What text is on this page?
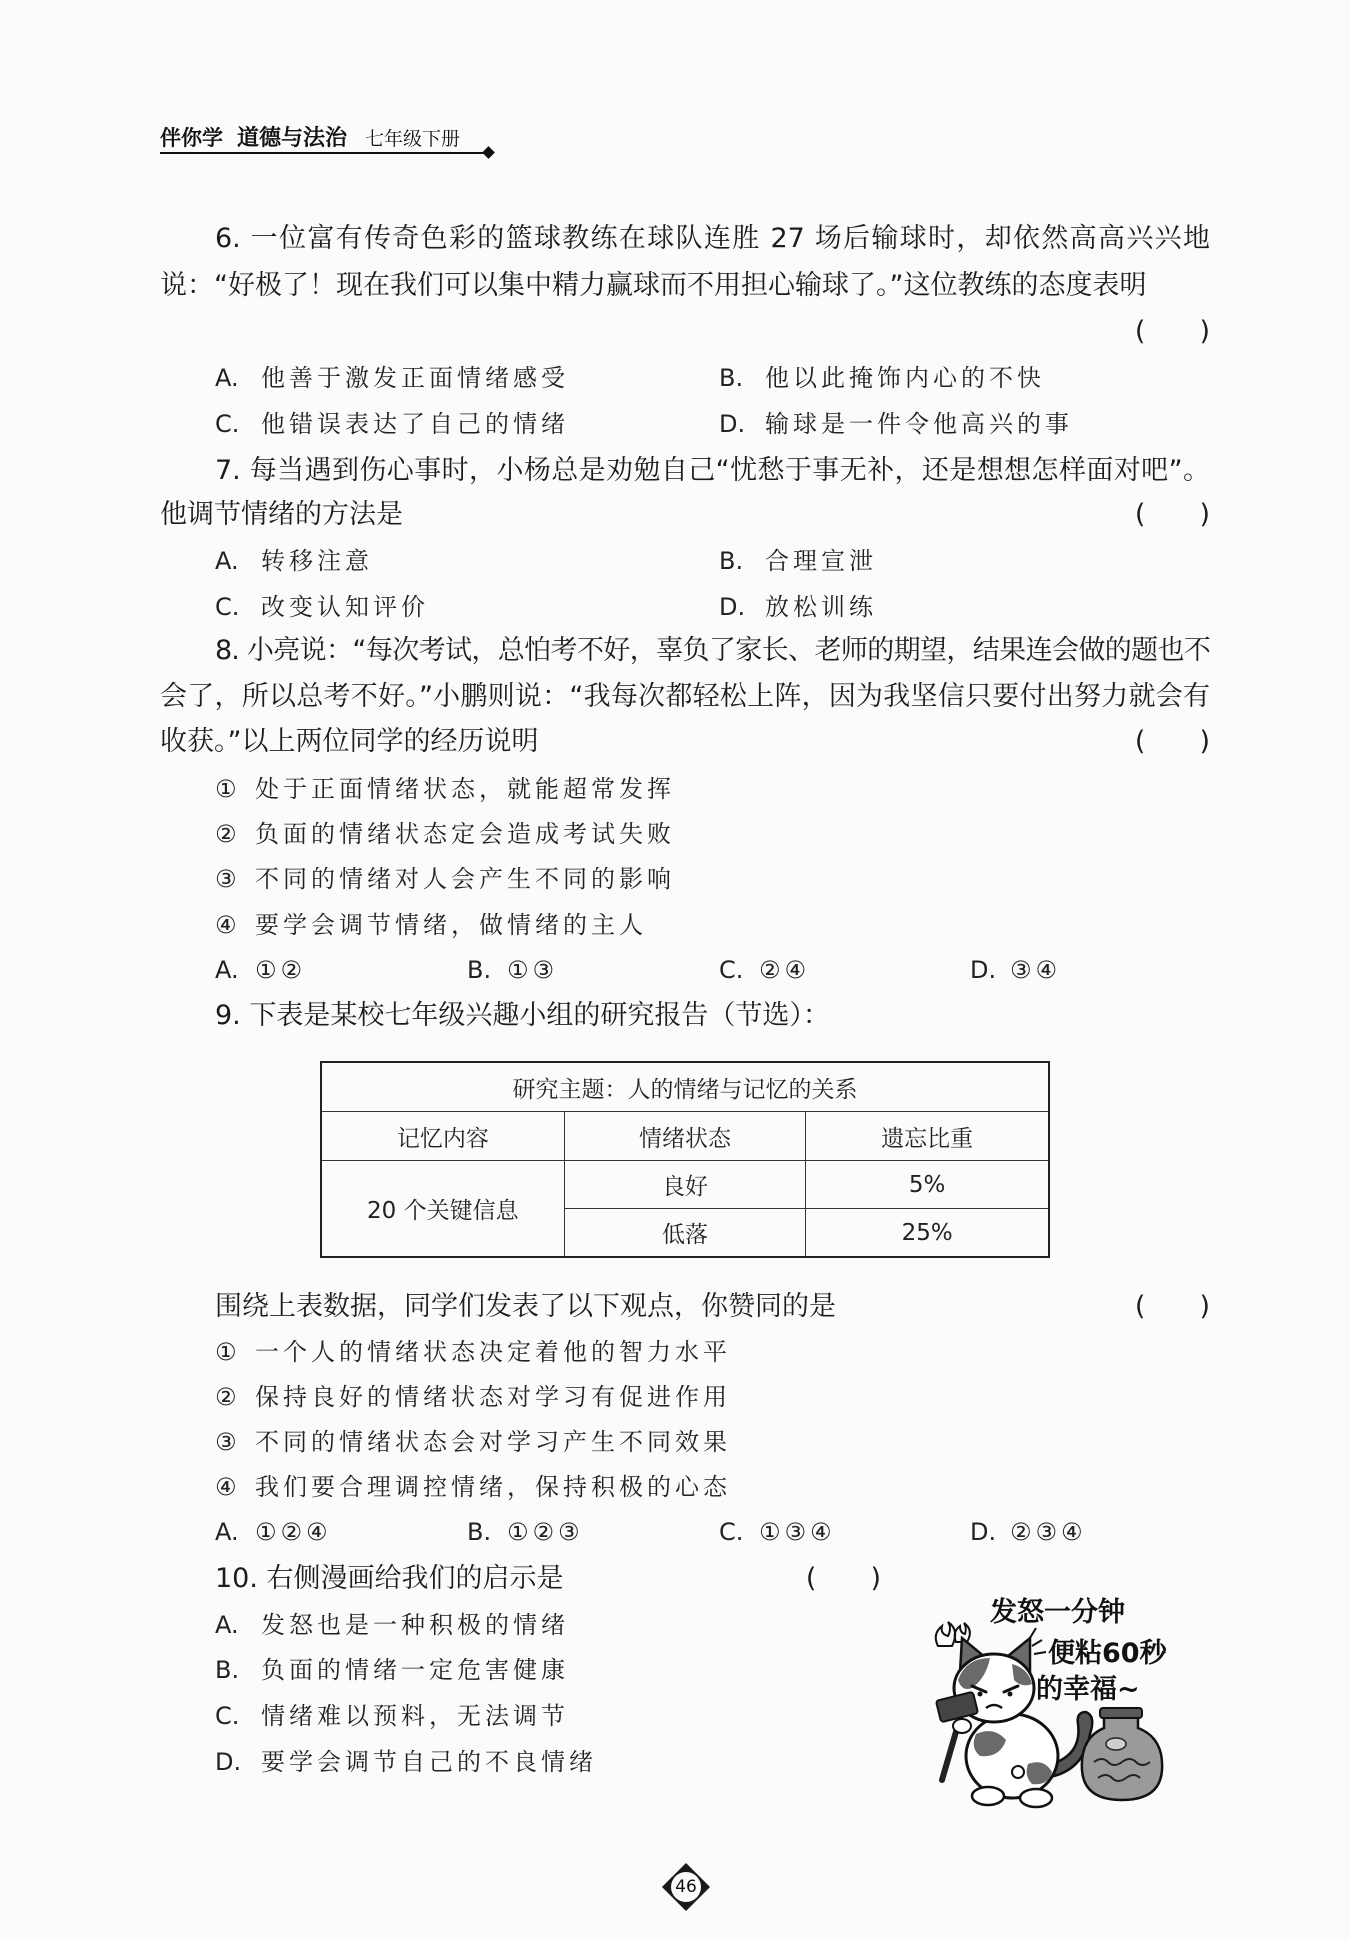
伴你学 道德与法治 七年级下册
6. 一位富有传奇色彩的篮球教练在球队连胜 27 场后输球时，却依然高高兴兴地
说：“好极了！现在我们可以集中精力赢球而不用担心输球了。”这位教练的态度表明
(　　)
A. 他善于激发正面情绪感受	B. 他以此掩饰内心的不快
C. 他错误表达了自己的情绪	D. 输球是一件令他高兴的事
7. 每当遇到伤心事时，小杨总是劝勉自己“忧愁于事无补，还是想想怎样面对吧”。
他调节情绪的方法是	(　　)
A. 转移注意	B. 合理宣泄
C. 改变认知评价	D. 放松训练
8. 小亮说：“每次考试，总怕考不好，辜负了家长、老师的期望，结果连会做的题也不
会了，所以总考不好。”小鹏则说：“我每次都轻松上阵，因为我坚信只要付出努力就会有
收获。”以上两位同学的经历说明	(　　)
① 处于正面情绪状态，就能超常发挥
② 负面的情绪状态定会造成考试失败
③ 不同的情绪对人会产生不同的影响
④ 要学会调节情绪，做情绪的主人
A. ①②	B. ①③	C. ②④	D. ③④
9. 下表是某校七年级兴趣小组的研究报告（节选）：
研究主题：人的情绪与记忆的关系		
记忆内容	情绪状态	遗忘比重
20 个关键信息	良好	5%
	低落	25%
围绕上表数据，同学们发表了以下观点，你赞同的是	(　　)
① 一个人的情绪状态决定着他的智力水平
② 保持良好的情绪状态对学习有促进作用
③ 不同的情绪状态会对学习产生不同效果
④ 我们要合理调控情绪，保持积极的心态
A. ①②④	B. ①②③	C. ①③④	D. ②③④
10. 右侧漫画给我们的启示是	(　　)
A. 发怒也是一种积极的情绪
B. 负面的情绪一定危害健康
C. 情绪难以预料，无法调节
D. 要学会调节自己的不良情绪
发怒一分钟
便粘60秒
的幸福~
46
